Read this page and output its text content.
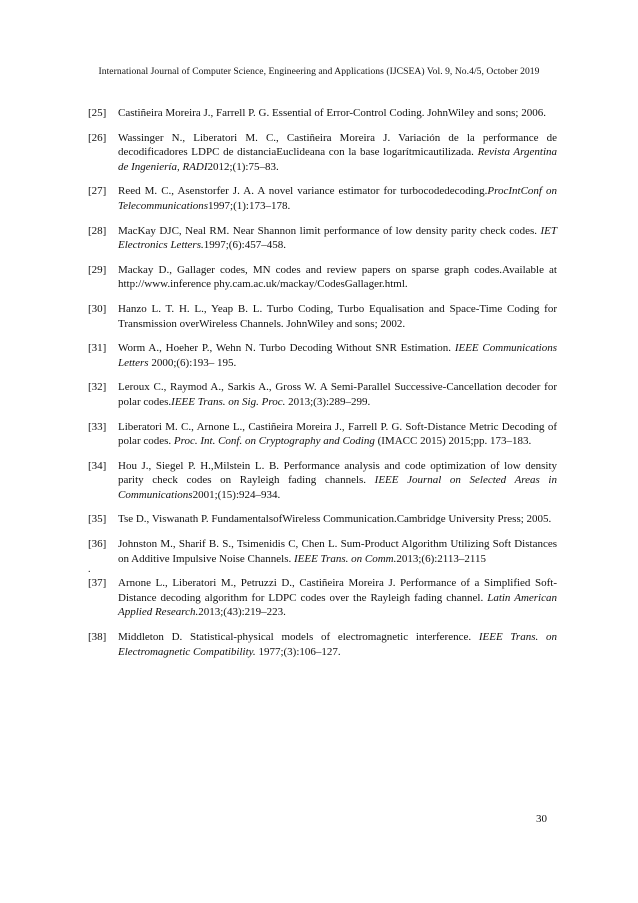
International Journal of Computer Science, Engineering and Applications (IJCSEA) Vol. 9, No.4/5, October 2019
[25]	Castiñeira Moreira J., Farrell P. G. Essential of Error-Control Coding. JohnWiley and sons; 2006.
[26]	Wassinger N., Liberatori M. C., Castiñeira Moreira J. Variación de la performance de decodificadores LDPC de distanciaEuclideana con la base logarítmicautilizada. Revista Argentina de Ingeniería, RADI2012;(1):75–83.
[27]	Reed M. C., Asenstorfer J. A. A novel variance estimator for turbocodedecoding.ProcIntConf on Telecommunications1997;(1):173–178.
[28]	MacKay DJC, Neal RM. Near Shannon limit performance of low density parity check codes. IET Electronics Letters.1997;(6):457–458.
[29]	Mackay D., Gallager codes, MN codes and review papers on sparse graph codes.Available at http://www.inference phy.cam.ac.uk/mackay/CodesGallager.html.
[30]	Hanzo L. T. H. L., Yeap B. L. Turbo Coding, Turbo Equalisation and Space-Time Coding for Transmission overWireless Channels. JohnWiley and sons; 2002.
[31]	Worm A., Hoeher P., Wehn N. Turbo Decoding Without SNR Estimation. IEEE Communications Letters 2000;(6):193– 195.
[32]	Leroux C., Raymod A., Sarkis A., Gross W. A Semi-Parallel Successive-Cancellation decoder for polar codes.IEEE Trans. on Sig. Proc. 2013;(3):289–299.
[33]	Liberatori M. C., Arnone L., Castiñeira Moreira J., Farrell P. G. Soft-Distance Metric Decoding of polar codes. Proc. Int. Conf. on Cryptography and Coding (IMACC 2015) 2015;pp. 173–183.
[34]	Hou J., Siegel P. H.,Milstein L. B. Performance analysis and code optimization of low density parity check codes on Rayleigh fading channels. IEEE Journal on Selected Areas in Communications2001;(15):924–934.
[35]	Tse D., Viswanath P. FundamentalsofWireless Communication.Cambridge University Press; 2005.
[36]	Johnston M., Sharif B. S., Tsimenidis C, Chen L. Sum-Product Algorithm Utilizing Soft Distances on Additive Impulsive Noise Channels. IEEE Trans. on Comm.2013;(6):2113–2115
[37]	Arnone L., Liberatori M., Petruzzi D., Castiñeira Moreira J. Performance of a Simplified Soft-Distance decoding algorithm for LDPC codes over the Rayleigh fading channel. Latin American Applied Research.2013;(43):219–223.
[38]	Middleton D. Statistical-physical models of electromagnetic interference. IEEE Trans. on Electromagnetic Compatibility. 1977;(3):106–127.
.
30
